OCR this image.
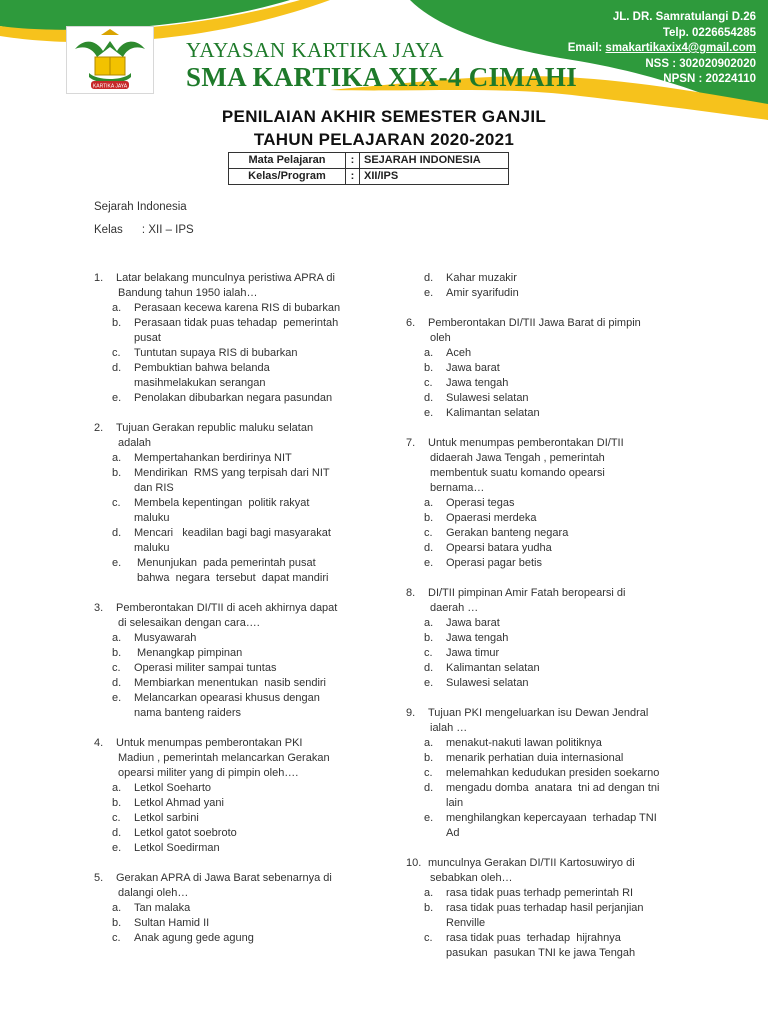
KARTIKA JAYA
YAYASAN KARTIKA JAYA
SMA KARTIKA XIX-4 CIMAHI
JL. DR. Samratulangi D.26
Telp. 0226654285
Email: smakartikaxix4@gmail.com
NSS : 302020902020
NPSN : 20224110
PENILAIAN AKHIR SEMESTER GANJIL
TAHUN PELAJARAN 2020-2021
Mata Pelajaran	:	SEJARAH INDONESIA
Kelas/Program	:	XII/IPS
Sejarah Indonesia
Kelas      : XII – IPS
1. Latar belakang munculnya peristiwa APRA di
Bandung tahun 1950 ialah…
a. Perasaan kecewa karena RIS di bubarkan
b. Perasaan tidak puas tehadap  pemerintah
pusat
c. Tuntutan supaya RIS di bubarkan
d. Pembuktian bahwa belanda
masihmelakukan serangan
e. Penolakan dibubarkan negara pasundan
2. Tujuan Gerakan republic maluku selatan
adalah
a. Mempertahankan berdirinya NIT
b. Mendirikan  RMS yang terpisah dari NIT
dan RIS
c. Membela kepentingan  politik rakyat
maluku
d. Mencari   keadilan bagi bagi masyarakat
maluku
e. Menunjukan  pada pemerintah pusat
bahwa  negara  tersebut  dapat mandiri
3. Pemberontakan DI/TII di aceh akhirnya dapat
di selesaikan dengan cara….
a. Musyawarah
b. Menangkap pimpinan
c. Operasi militer sampai tuntas
d. Membiarkan menentukan  nasib sendiri
e. Melancarkan opearasi khusus dengan
nama banteng raiders
4. Untuk menumpas pemberontakan PKI
Madiun , pemerintah melancarkan Gerakan
opearsi militer yang di pimpin oleh….
a. Letkol Soeharto
b. Letkol Ahmad yani
c. Letkol sarbini
d. Letkol gatot soebroto
e. Letkol Soedirman
5. Gerakan APRA di Jawa Barat sebenarnya di
dalangi oleh…
a. Tan malaka
b. Sultan Hamid II
c. Anak agung gede agung
d. Kahar muzakir
e. Amir syarifudin
6. Pemberontakan DI/TII Jawa Barat di pimpin
oleh
a. Aceh
b. Jawa barat
c. Jawa tengah
d. Sulawesi selatan
e. Kalimantan selatan
7. Untuk menumpas pemberontakan DI/TII
didaerah Jawa Tengah , pemerintah
membentuk suatu komando opearsi
bernama…
a. Operasi tegas
b. Opaerasi merdeka
c. Gerakan banteng negara
d. Opearsi batara yudha
e. Operasi pagar betis
8. DI/TII pimpinan Amir Fatah beropearsi di
daerah …
a. Jawa barat
b. Jawa tengah
c. Jawa timur
d. Kalimantan selatan
e. Sulawesi selatan
9. Tujuan PKI mengeluarkan isu Dewan Jendral
ialah …
a. menakut-nakuti lawan politiknya
b. menarik perhatian duia internasional
c. melemahkan kedudukan presiden soekarno
d. mengadu domba  anatara  tni ad dengan tni
lain
e. menghilangkan kepercayaan  terhadap TNI
Ad
10. munculnya Gerakan DI/TII Kartosuwiryo di
sebabkan oleh…
a. rasa tidak puas terhadp pemerintah RI
b. rasa tidak puas terhadap hasil perjanjian
Renville
c. rasa tidak puas  terhadap  hijrahnya
pasukan  pasukan TNI ke jawa Tengah
